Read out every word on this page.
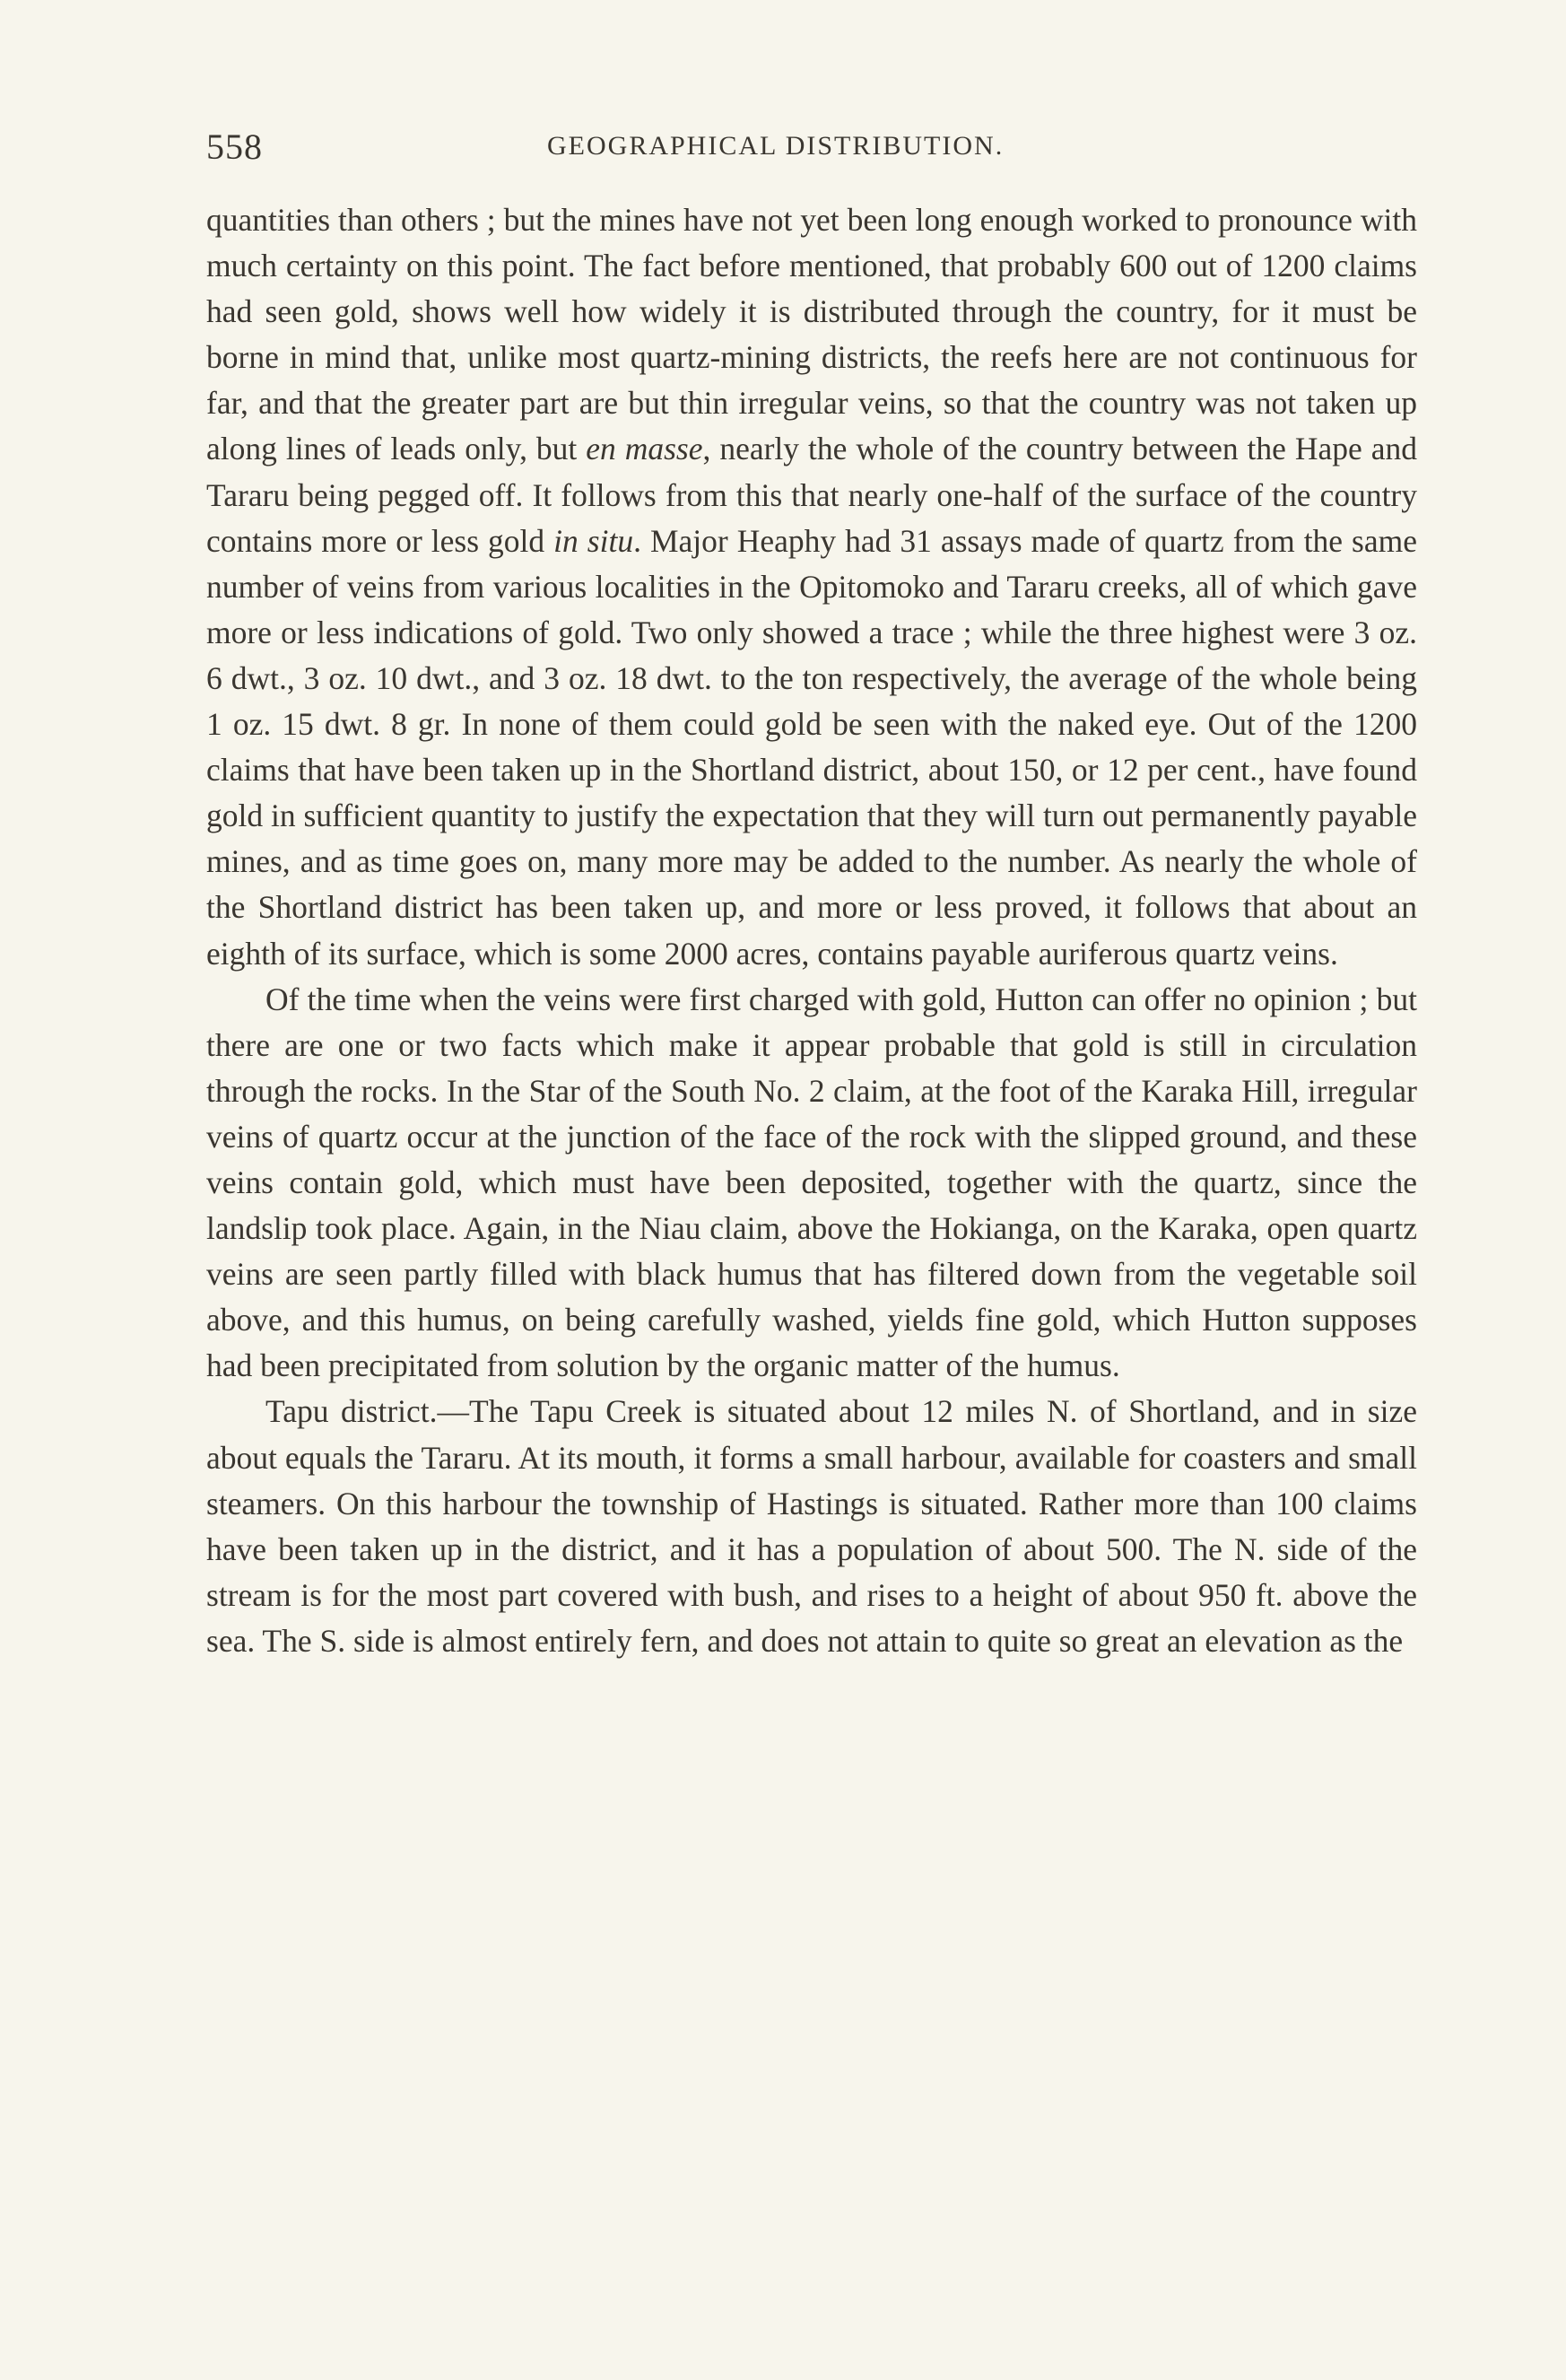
558	GEOGRAPHICAL DISTRIBUTION.

quantities than others ; but the mines have not yet been long enough worked to pronounce with much certainty on this point. The fact before mentioned, that probably 600 out of 1200 claims had seen gold, shows well how widely it is distributed through the country, for it must be borne in mind that, unlike most quartz-mining districts, the reefs here are not continuous for far, and that the greater part are but thin irregular veins, so that the country was not taken up along lines of leads only, but en masse, nearly the whole of the country between the Hape and Tararu being pegged off. It follows from this that nearly one-half of the surface of the country contains more or less gold in situ. Major Heaphy had 31 assays made of quartz from the same number of veins from various localities in the Opitomoko and Tararu creeks, all of which gave more or less indications of gold. Two only showed a trace ; while the three highest were 3 oz. 6 dwt., 3 oz. 10 dwt., and 3 oz. 18 dwt. to the ton respectively, the average of the whole being 1 oz. 15 dwt. 8 gr. In none of them could gold be seen with the naked eye. Out of the 1200 claims that have been taken up in the Shortland district, about 150, or 12 per cent., have found gold in sufficient quantity to justify the expectation that they will turn out permanently payable mines, and as time goes on, many more may be added to the number. As nearly the whole of the Shortland district has been taken up, and more or less proved, it follows that about an eighth of its surface, which is some 2000 acres, contains payable auriferous quartz veins.

Of the time when the veins were first charged with gold, Hutton can offer no opinion ; but there are one or two facts which make it appear probable that gold is still in circulation through the rocks. In the Star of the South No. 2 claim, at the foot of the Karaka Hill, irregular veins of quartz occur at the junction of the face of the rock with the slipped ground, and these veins contain gold, which must have been deposited, together with the quartz, since the landslip took place. Again, in the Niau claim, above the Hokianga, on the Karaka, open quartz veins are seen partly filled with black humus that has filtered down from the vegetable soil above, and this humus, on being carefully washed, yields fine gold, which Hutton supposes had been precipitated from solution by the organic matter of the humus.

Tapu district.—The Tapu Creek is situated about 12 miles N. of Shortland, and in size about equals the Tararu. At its mouth, it forms a small harbour, available for coasters and small steamers. On this harbour the township of Hastings is situated. Rather more than 100 claims have been taken up in the district, and it has a population of about 500. The N. side of the stream is for the most part covered with bush, and rises to a height of about 950 ft. above the sea. The S. side is almost entirely fern, and does not attain to quite so great an elevation as the
